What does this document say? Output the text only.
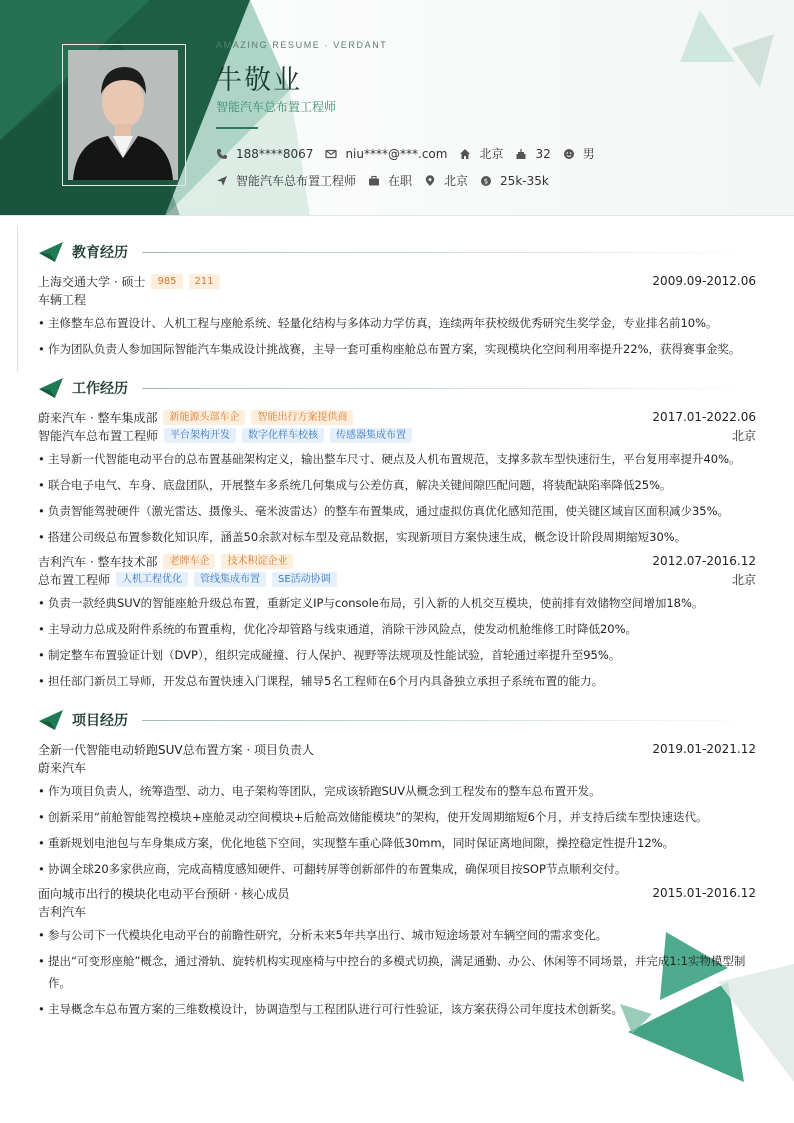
AMAZING RESUME · VERDANT
牛敬业
智能汽车总布置工程师
188****8067	niu****@***.com	北京	32	男
智能汽车总布置工程师	在职	北京 $ 25k-35k
教育经历
上海交通大学 · 硕士	985	211	2009.09-2012.06
车辆工程
• 主修整车总布置设计、人机工程与座舱系统、轻量化结构与多体动力学仿真，连续两年获校级优秀研究生奖学金，专业排名前10%。
• 作为团队负责人参加国际智能汽车集成设计挑战赛，主导一套可重构座舱总布置方案，实现模块化空间利用率提升22%，获得赛事金奖。
工作经历
蔚来汽车 · 整车集成部	新能源头部车企	智能出行方案提供商	2017.01-2022.06
智能汽车总布置工程师	平台架构开发	数字化样车校核	传感器集成布置	北京
• 主导新一代智能电动平台的总布置基础架构定义，输出整车尺寸、硬点及人机布置规范，支撑多款车型快速衍生，平台复用率提升40%。
• 联合电子电气、车身、底盘团队，开展整车多系统几何集成与公差仿真，解决关键间隙匹配问题，将装配缺陷率降低25%。
• 负责智能驾驶硬件（激光雷达、摄像头、毫米波雷达）的整车布置集成，通过虚拟仿真优化感知范围，使关键区域盲区面积减少35%。
• 搭建公司级总布置参数化知识库，涵盖50余款对标车型及竞品数据，实现新项目方案快速生成，概念设计阶段周期缩短30%。
吉利汽车 · 整车技术部	老牌车企	技术积淀企业	2012.07-2016.12
总布置工程师	人机工程优化	管线集成布置	SE活动协调	北京
• 负责一款经典SUV的智能座舱升级总布置，重新定义IP与console布局，引入新的人机交互模块，使前排有效储物空间增加18%。
• 主导动力总成及附件系统的布置重构，优化冷却管路与线束通道，消除干涉风险点，使发动机舱维修工时降低20%。
• 制定整车布置验证计划（DVP），组织完成碰撞、行人保护、视野等法规项及性能试验，首轮通过率提升至95%。
• 担任部门新员工导师，开发总布置快速入门课程，辅导5名工程师在6个月内具备独立承担子系统布置的能力。
项目经历
全新一代智能电动轿跑SUV总布置方案 · 项目负责人	2019.01-2021.12
蔚来汽车
• 作为项目负责人，统筹造型、动力、电子架构等团队，完成该轿跑SUV从概念到工程发布的整车总布置开发。
• 创新采用“前舱智能驾控模块+座舱灵动空间模块+后舱高效储能模块”的架构，使开发周期缩短6个月，并支持后续车型快速迭代。
• 重新规划电池包与车身集成方案，优化地毯下空间，实现整车重心降低30mm，同时保证离地间隙，操控稳定性提升12%。
• 协调全球20多家供应商，完成高精度感知硬件、可翻转屏等创新部件的布置集成，确保项目按SOP节点顺利交付。
面向城市出行的模块化电动平台预研 · 核心成员	2015.01-2016.12
吉利汽车
• 参与公司下一代模块化电动平台的前瞻性研究，分析未来5年共享出行、城市短途场景对车辆空间的需求变化。
• 提出“可变形座舱”概念，通过滑轨、旋转机构实现座椅与中控台的多模式切换，满足通勤、办公、休闲等不同场景，并完成1:1实物模型制作。
• 主导概念车总布置方案的三维数模设计，协调造型与工程团队进行可行性验证，该方案获得公司年度技术创新奖。
